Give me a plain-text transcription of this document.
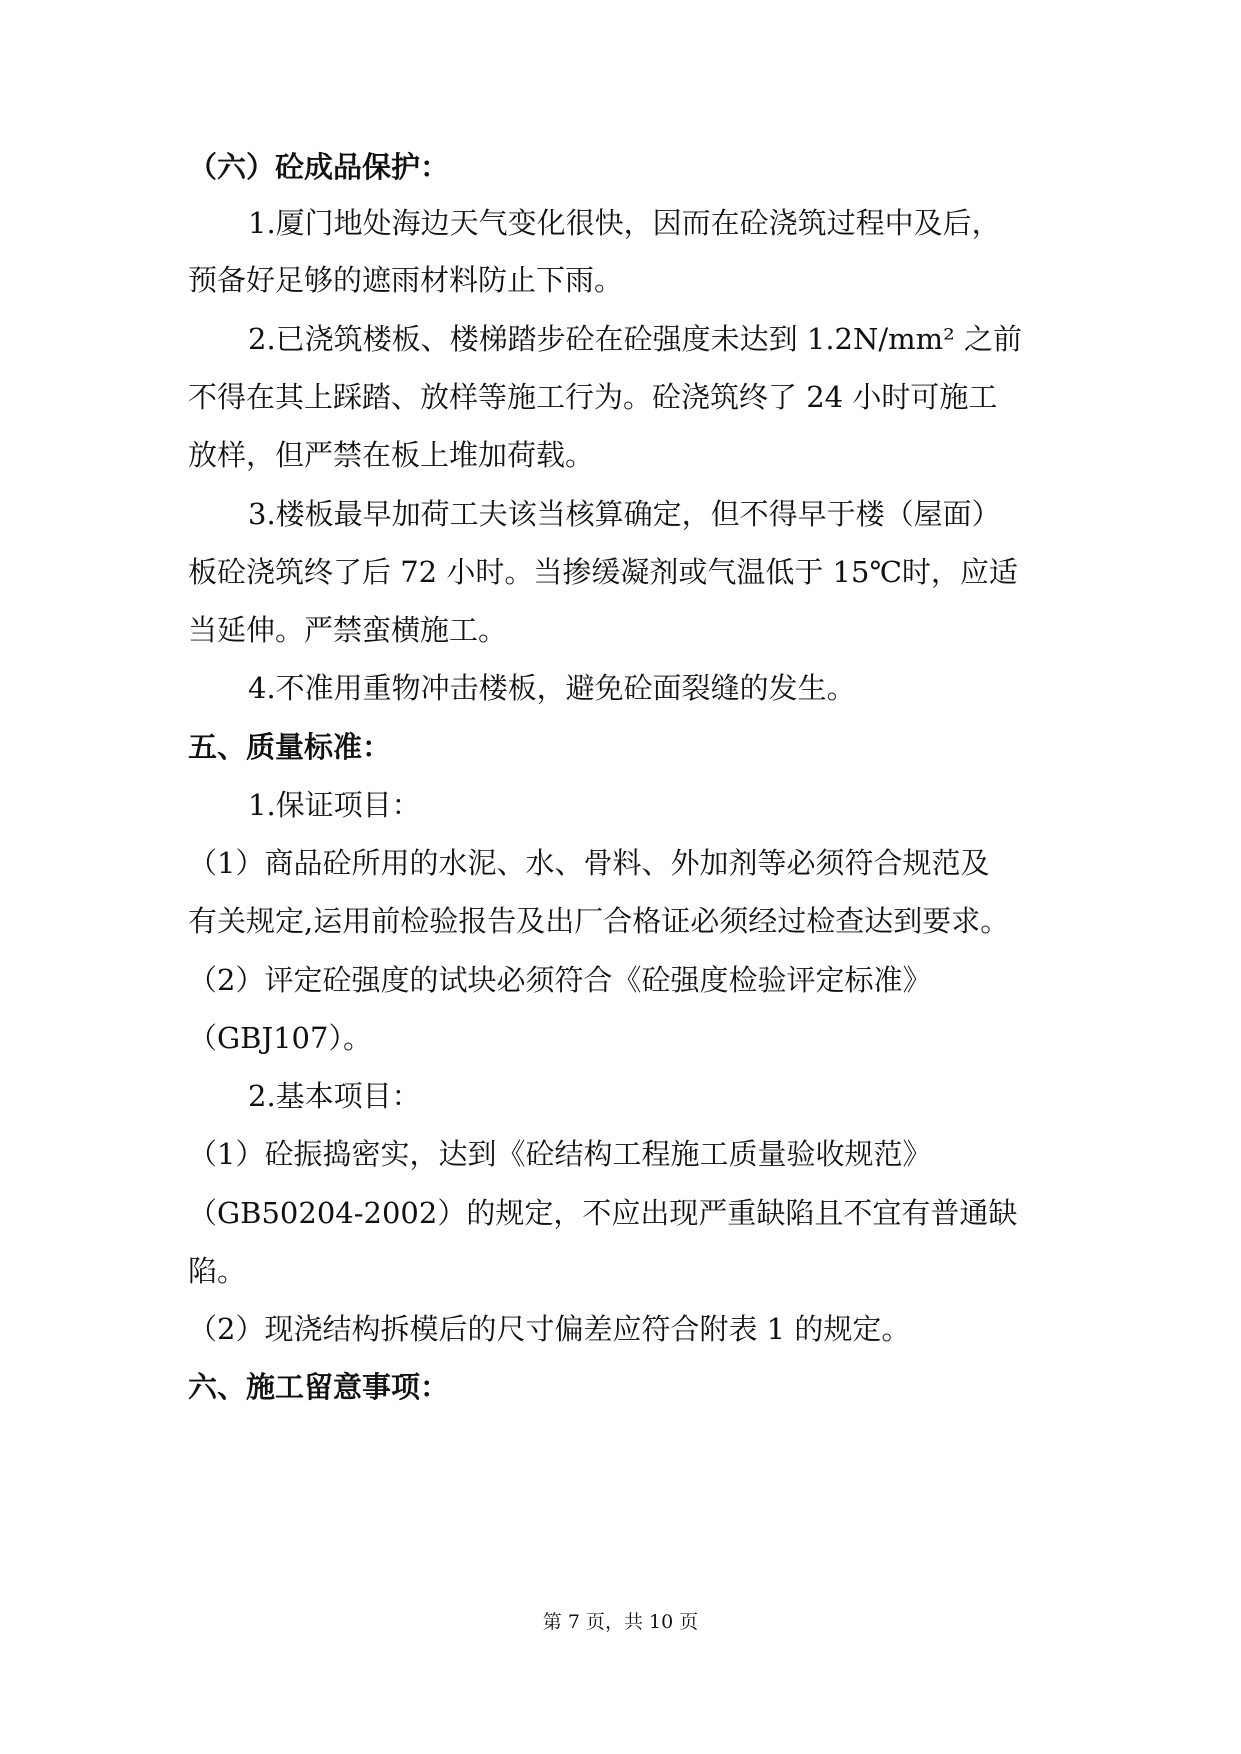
（六）砼成品保护：
1.厦门地处海边天气变化很快，因而在砼浇筑过程中及后，
预备好足够的遮雨材料防止下雨。
2.已浇筑楼板、楼梯踏步砼在砼强度未达到 1.2N/mm² 之前
不得在其上踩踏、放样等施工行为。砼浇筑终了 24 小时可施工
放样，但严禁在板上堆加荷载。
3.楼板最早加荷工夫该当核算确定，但不得早于楼（屋面）
板砼浇筑终了后 72 小时。当掺缓凝剂或气温低于 15℃时，应适
当延伸。严禁蛮横施工。
4.不准用重物冲击楼板，避免砼面裂缝的发生。
五、质量标准：
1.保证项目：
（1）商品砼所用的水泥、水、骨料、外加剂等必须符合规范及
有关规定,运用前检验报告及出厂合格证必须经过检查达到要求。
（2）评定砼强度的试块必须符合《砼强度检验评定标准》
（GBJ107）。
2.基本项目：
（1）砼振捣密实，达到《砼结构工程施工质量验收规范》
（GB50204-2002）的规定，不应出现严重缺陷且不宜有普通缺
陷。
（2）现浇结构拆模后的尺寸偏差应符合附表 1 的规定。
六、施工留意事项：
第 7 页，共 10 页
